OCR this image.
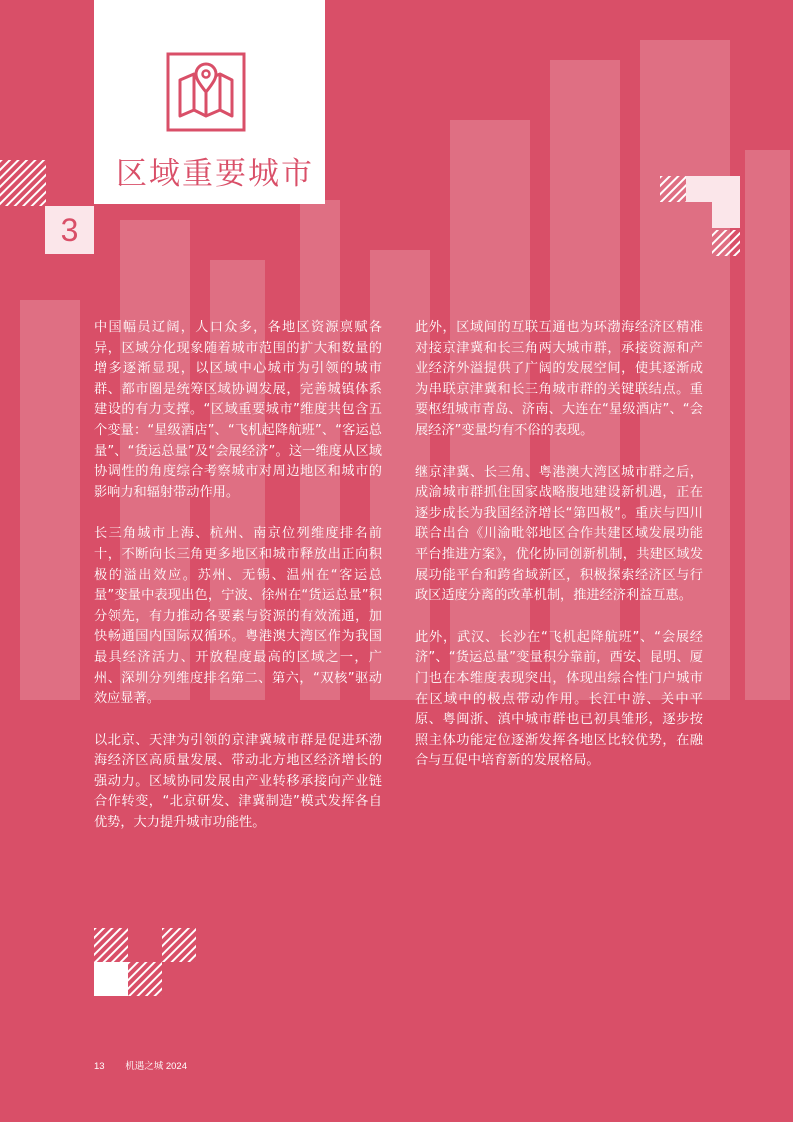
区域重要城市
3

中国幅员辽阔，人口众多，各地区资源禀赋各异，区域分化现象随着城市范围的扩大和数量的增多逐渐显现，以区域中心城市为引领的城市群、都市圈是统筹区域协调发展，完善城镇体系建设的有力支撑。“区域重要城市”维度共包含五个变量：“星级酒店”、“飞机起降航班”、“客运总量”、“货运总量”及“会展经济”。这一维度从区域协调性的角度综合考察城市对周边地区和城市的影响力和辐射带动作用。

长三角城市上海、杭州、南京位列维度排名前十，不断向长三角更多地区和城市释放出正向积极的溢出效应。苏州、无锡、温州在“客运总量”变量中表现出色，宁波、徐州在“货运总量”积分领先，有力推动各要素与资源的有效流通，加快畅通国内国际双循环。粤港澳大湾区作为我国最具经济活力、开放程度最高的区域之一，广州、深圳分列维度排名第二、第六，“双核”驱动效应显著。

以北京、天津为引领的京津冀城市群是促进环渤海经济区高质量发展、带动北方地区经济增长的强动力。区域协同发展由产业转移承接向产业链合作转变，“北京研发、津冀制造”模式发挥各自优势，大力提升城市功能性。

此外，区域间的互联互通也为环渤海经济区精准对接京津冀和长三角两大城市群，承接资源和产业经济外溢提供了广阔的发展空间，使其逐渐成为串联京津冀和长三角城市群的关键联结点。重要枢纽城市青岛、济南、大连在“星级酒店”、“会展经济”变量均有不俗的表现。

继京津冀、长三角、粤港澳大湾区城市群之后，成渝城市群抓住国家战略腹地建设新机遇，正在逐步成长为我国经济增长“第四极”。重庆与四川联合出台《川渝毗邻地区合作共建区域发展功能平台推进方案》，优化协同创新机制，共建区域发展功能平台和跨省域新区，积极探索经济区与行政区适度分离的改革机制，推进经济利益互惠。

此外，武汉、长沙在“飞机起降航班”、“会展经济”、“货运总量”变量积分靠前，西安、昆明、厦门也在本维度表现突出，体现出综合性门户城市在区域中的极点带动作用。长江中游、关中平原、粤闽浙、滇中城市群也已初具雏形，逐步按照主体功能定位逐渐发挥各地区比较优势，在融合与互促中培育新的发展格局。

13 机遇之城 2024
